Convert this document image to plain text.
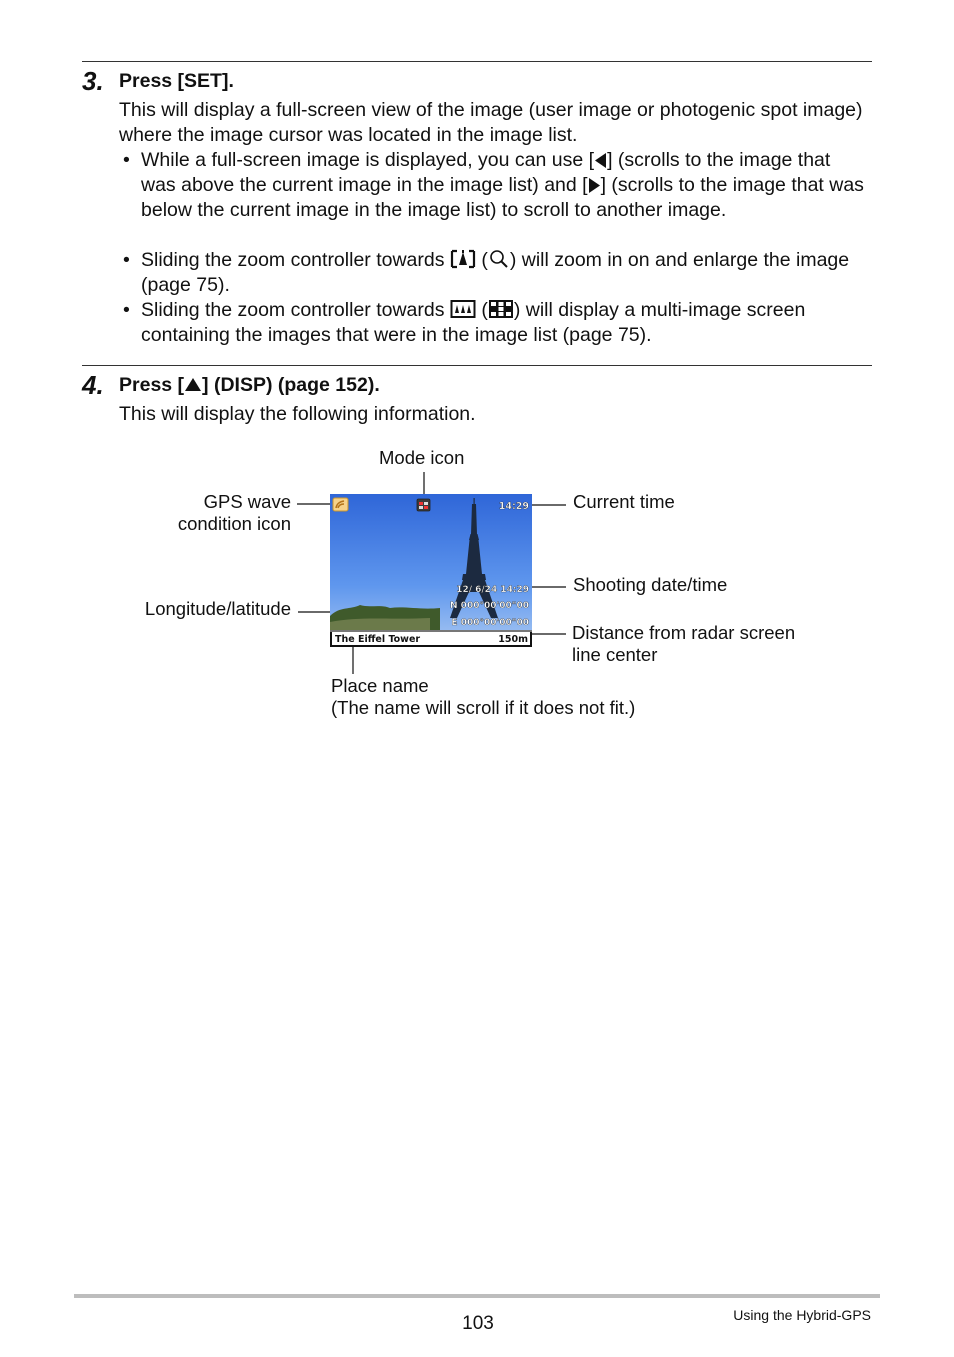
3. Press [SET].
This will display a full-screen view of the image (user image or photogenic spot image) where the image cursor was located in the image list.
• While a full-screen image is displayed, you can use [ ] (scrolls to the image that was above the current image in the image list) and [ ] (scrolls to the image that was below the current image in the image list) to scroll to another image.
• Sliding the zoom controller towards  ( ) will zoom in on and enlarge the image (page 75).
• Sliding the zoom controller towards  ( ) will display a multi-image screen containing the images that were in the image list (page 75).
4. Press [ ] (DISP) (page 152).
This will display the following information.
Mode icon
GPS wave
condition icon
Current time
Shooting date/time
Longitude/latitude
Distance from radar screen
line center
Place name
(The name will scroll if it does not fit.)
14:29
12/ 6/24 14:29
N 000°00'00"00
E 000°00'00"00
The Eiffel Tower	150m
103	Using the Hybrid-GPS
